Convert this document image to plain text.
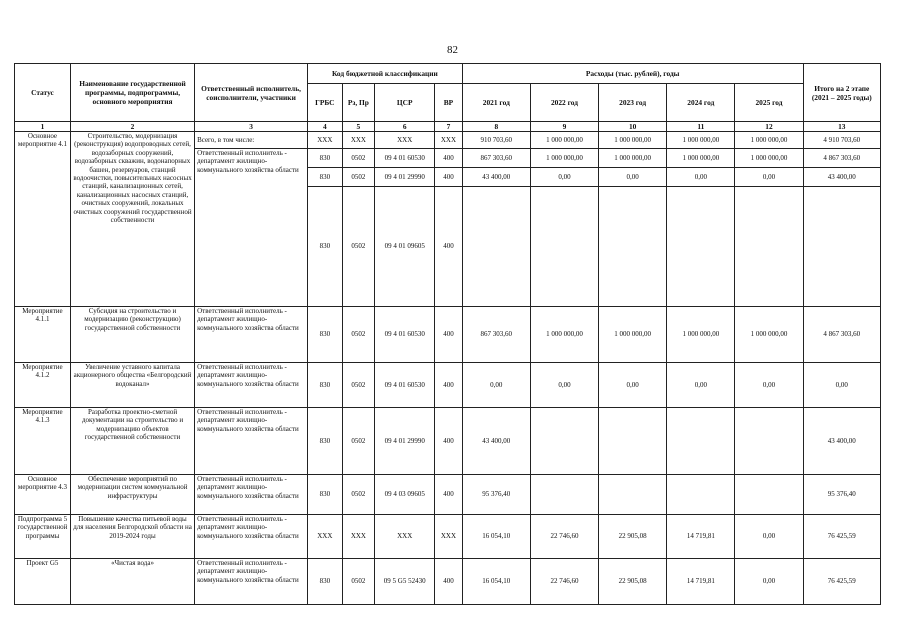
82
Статус	Наименование государственной программы, подпрограммы, основного мероприятия	Ответственный исполнитель, соисполнители, участники	Код бюджетной классификации				Расходы (тыс. рублей), годы					Итого на 2 этапе (2021 – 2025 годы)
			ГРБС	Рз, Пр	ЦСР	ВР	2021 год	2022 год	2023 год	2024 год	2025 год	
1	2	3	4	5	6	7	8	9	10	11	12	13
Основное мероприятие 4.1	Строительство, модернизация (реконструкция) водопроводных сетей, водозаборных сооружений, водозаборных скважин, водонапорных башен, резервуаров, станций водоочистки, повысительных насосных станций, канализационных сетей, канализационных насосных станций, очистных сооружений, локальных очистных сооружений государственной собственности	Всего, в том числе:	XXX	XXX	XXX	XXX	910 703,60	1 000 000,00	1 000 000,00	1 000 000,00	1 000 000,00	4 910 703,60
		Ответственный исполнитель - департамент жилищно-коммунального хозяйства области	830	0502	09 4 01 60530	400	867 303,60	1 000 000,00	1 000 000,00	1 000 000,00	1 000 000,00	4 867 303,60
			830	0502	09 4 01 29990	400	43 400,00	0,00	0,00	0,00	0,00	43 400,00
			830	0502	09 4 01 09605	400						
Мероприятие 4.1.1	Субсидия на строительство и модернизацию (реконструкцию) государственной собственности	Ответственный исполнитель - департамент жилищно-коммунального хозяйства области	830	0502	09 4 01 60530	400	867 303,60	1 000 000,00	1 000 000,00	1 000 000,00	1 000 000,00	4 867 303,60
Мероприятие 4.1.2	Увеличение уставного капитала акционерного общества «Белгородский водоканал»	Ответственный исполнитель - департамент жилищно-коммунального хозяйства области	830	0502	09 4 01 60530	400	0,00	0,00	0,00	0,00	0,00	0,00
Мероприятие 4.1.3	Разработка проектно-сметной документации на строительство и модернизацию объектов государственной собственности	Ответственный исполнитель - департамент жилищно-коммунального хозяйства области	830	0502	09 4 01 29990	400	43 400,00					43 400,00
Основное мероприятие 4.3	Обеспечение мероприятий по модернизации систем коммунальной инфраструктуры	Ответственный исполнитель - департамент жилищно-коммунального хозяйства области	830	0502	09 4 03 09605	400	95 376,40					95 376,40
Подпрограмма 5 государственной программы	Повышение качества питьевой воды для населения Белгородской области на 2019-2024 годы	Ответственный исполнитель - департамент жилищно-коммунального хозяйства области	XXX	XXX	XXX	XXX	16 054,10	22 746,60	22 905,08	14 719,81	0,00	76 425,59
Проект G5	«Чистая вода»	Ответственный исполнитель - департамент жилищно-коммунального хозяйства области	830	0502	09 5 G5 52430	400	16 054,10	22 746,60	22 905,08	14 719,81	0,00	76 425,59
